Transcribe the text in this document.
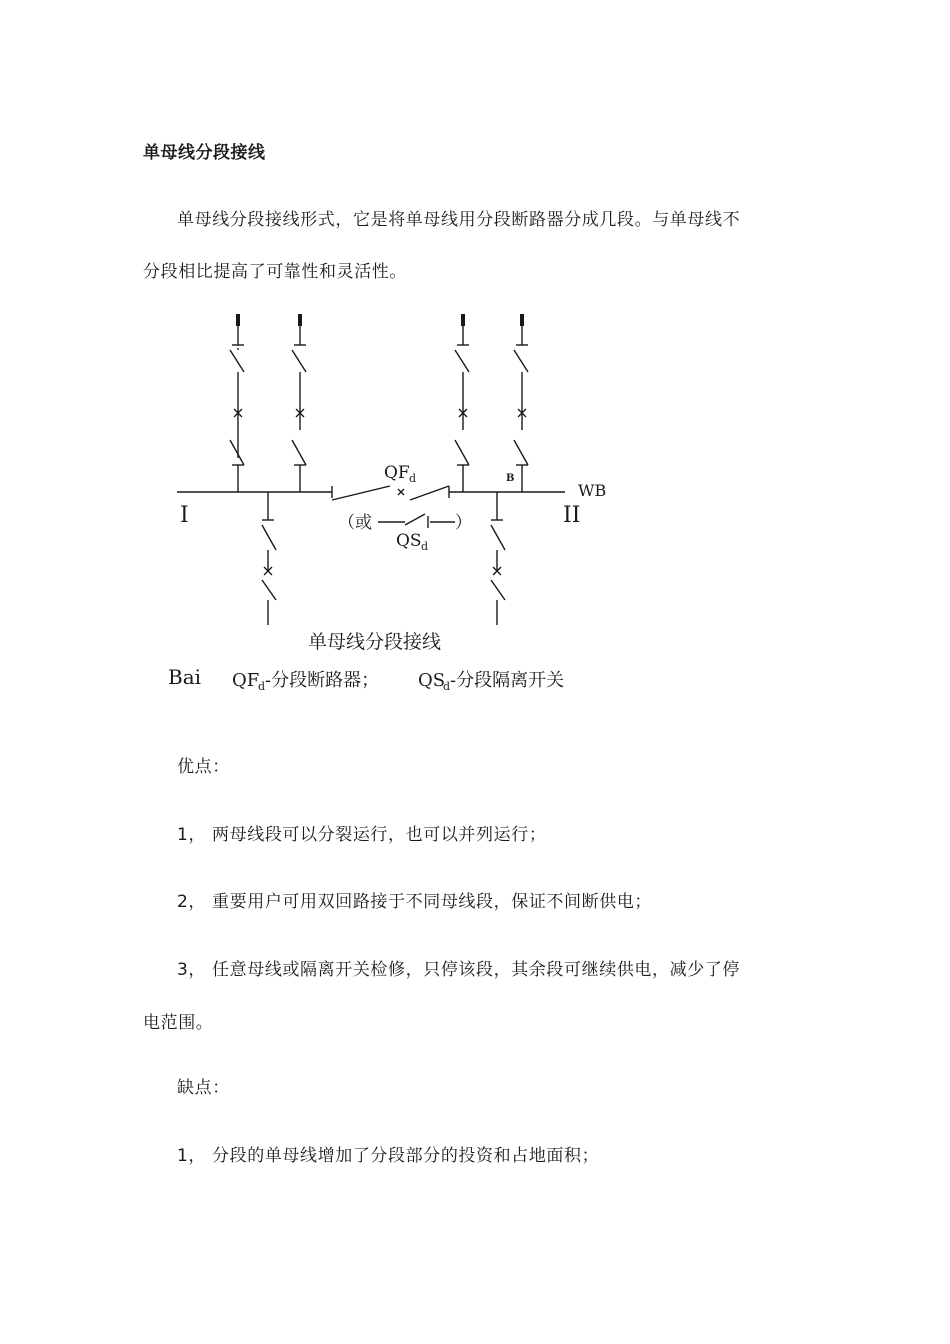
单母线分段接线
单母线分段接线形式，它是将单母线用分段断路器分成几段。与单母线不
分段相比提高了可靠性和灵活性。
QF d
WB
I	II
B
（或	）
QS d
单母线分段接线
Bai QF
d -分段断路器； QS
d -分段隔离开关
优点：
1， 两母线段可以分裂运行，也可以并列运行；
2， 重要用户可用双回路接于不同母线段，保证不间断供电；
3， 任意母线或隔离开关检修，只停该段，其余段可继续供电，减少了停
电范围。
缺点：
1， 分段的单母线增加了分段部分的投资和占地面积；
